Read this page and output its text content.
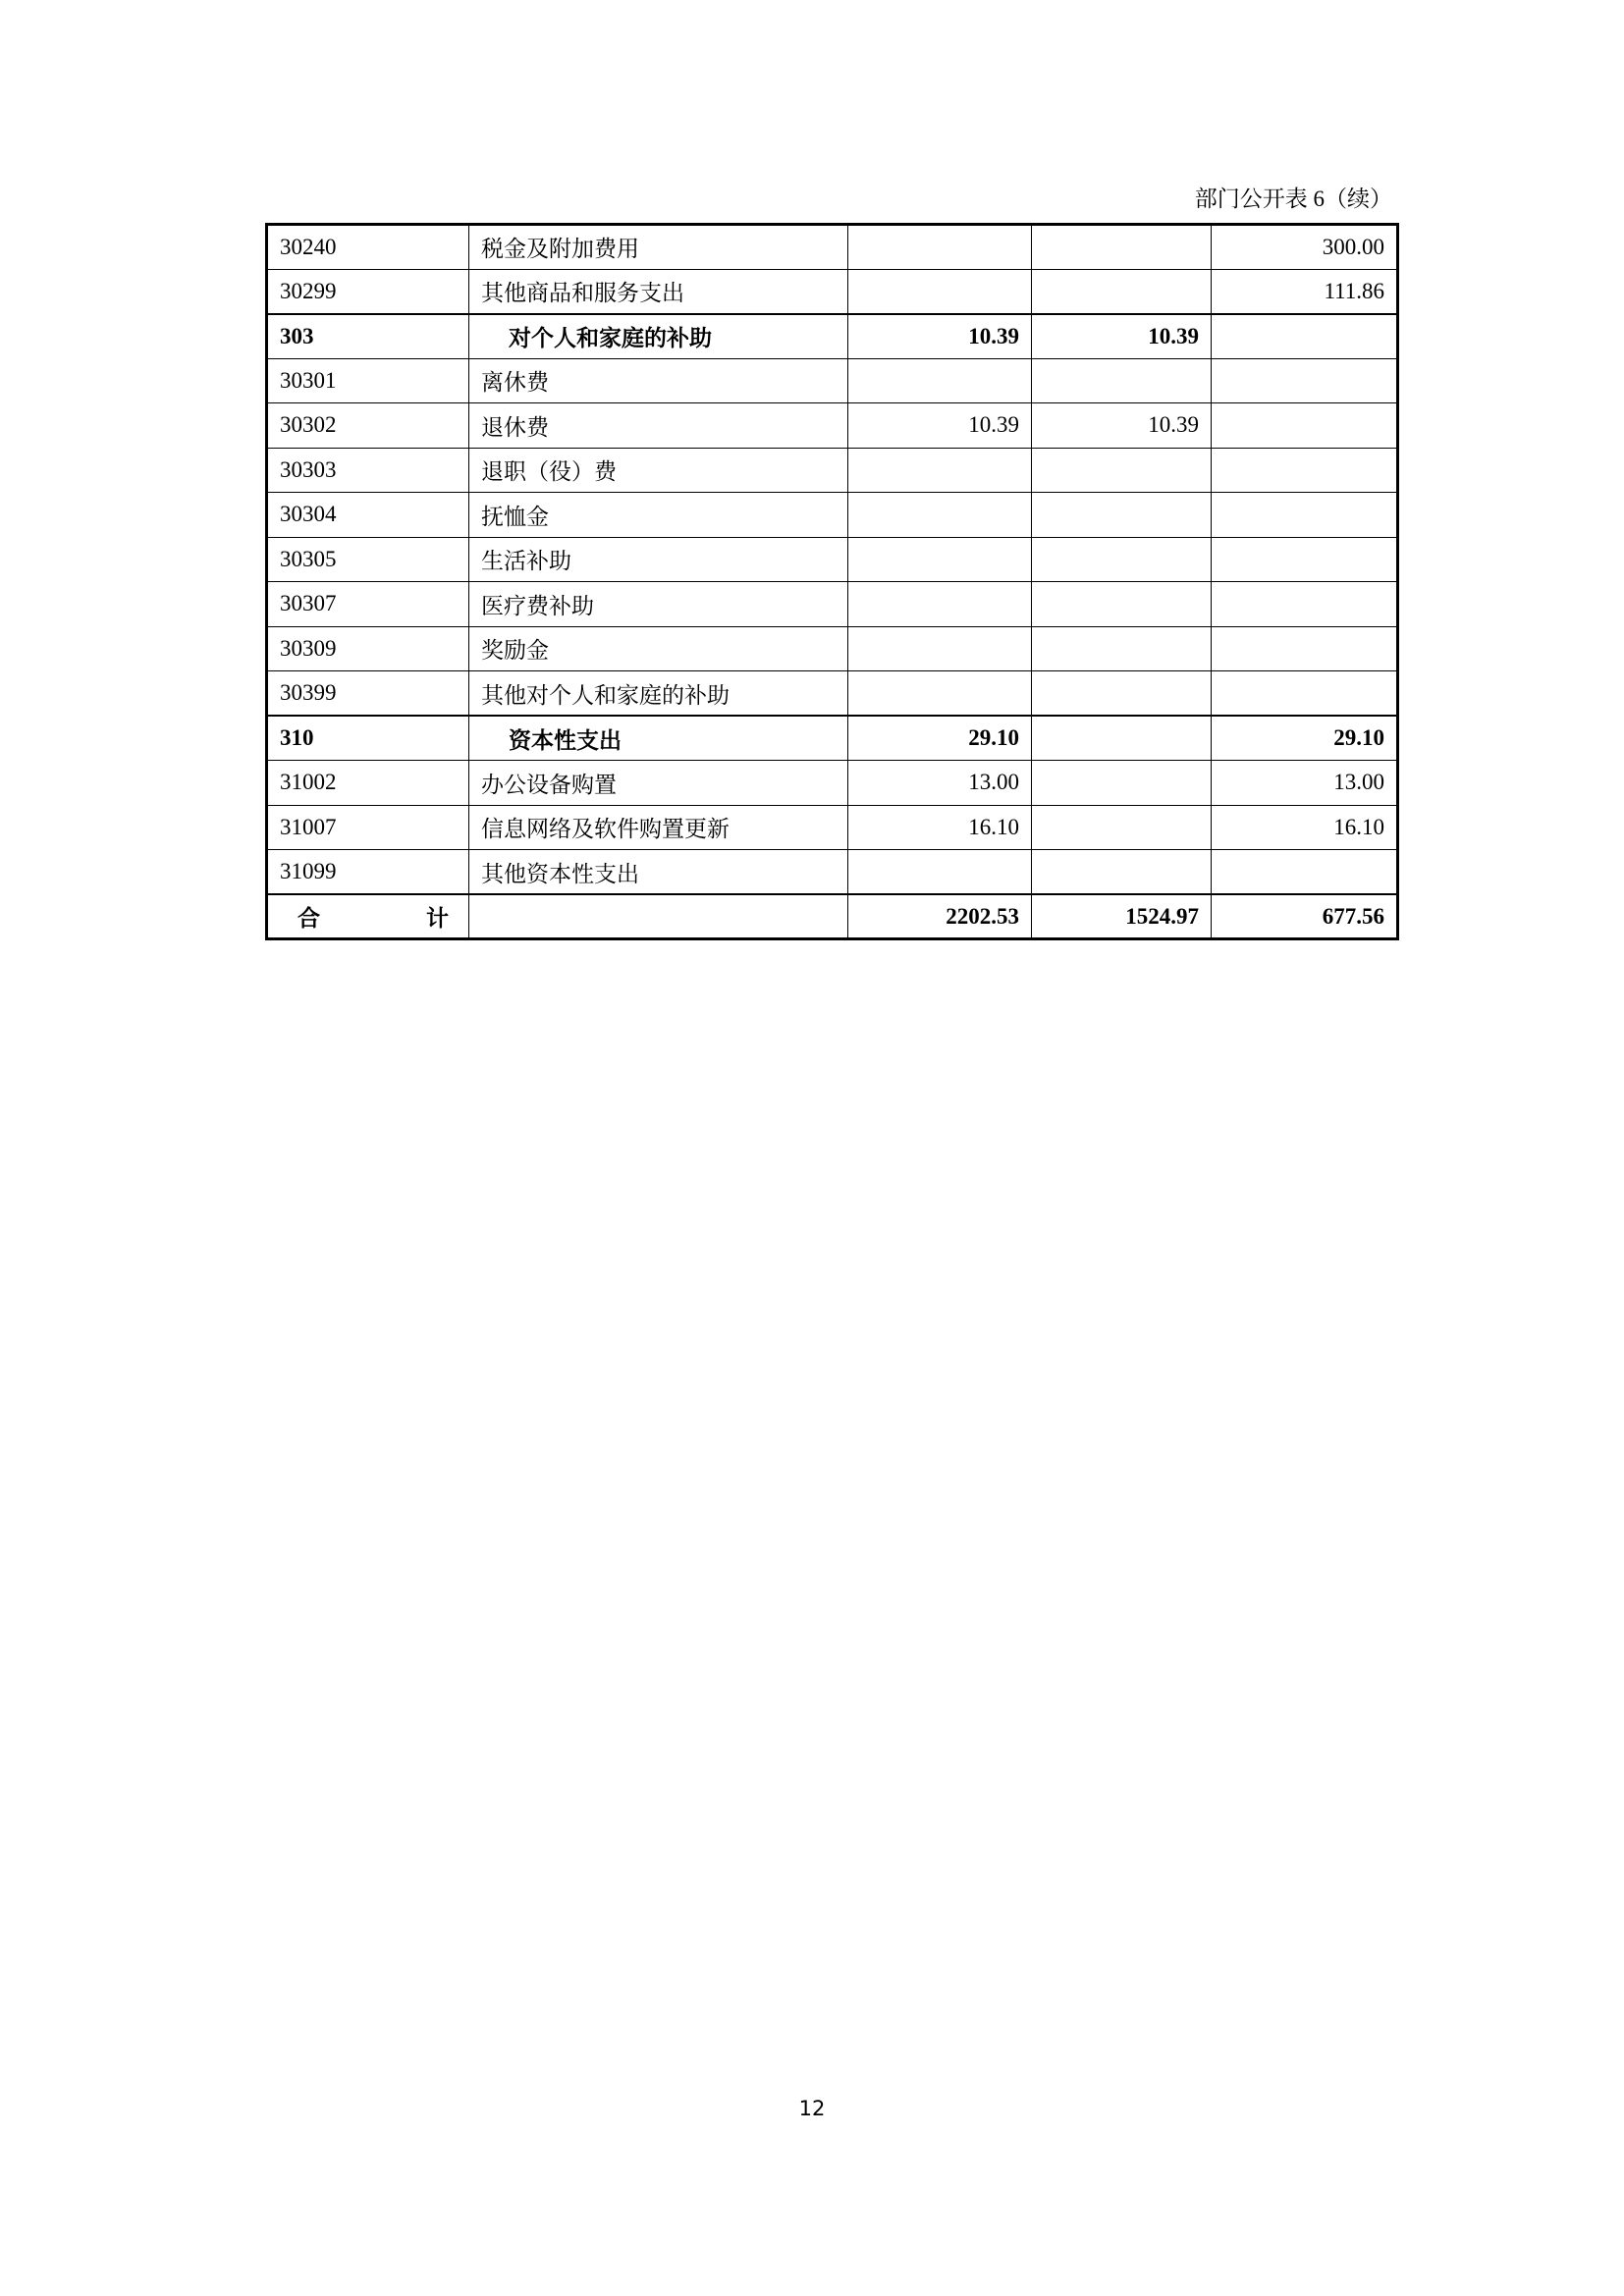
部门公开表 6（续）
30240	税金及附加费用			300.00
30299	其他商品和服务支出			111.86
303	对个人和家庭的补助	10.39	10.39	
30301	离休费			
30302	退休费	10.39	10.39	
30303	退职（役）费			
30304	抚恤金			
30305	生活补助			
30307	医疗费补助			
30309	奖励金			
30399	其他对个人和家庭的补助			
310	资本性支出	29.10		29.10
31002	办公设备购置	13.00		13.00
31007	信息网络及软件购置更新	16.10		16.10
31099	其他资本性支出			

合 计		2202.53	1524.97	677.56
12
